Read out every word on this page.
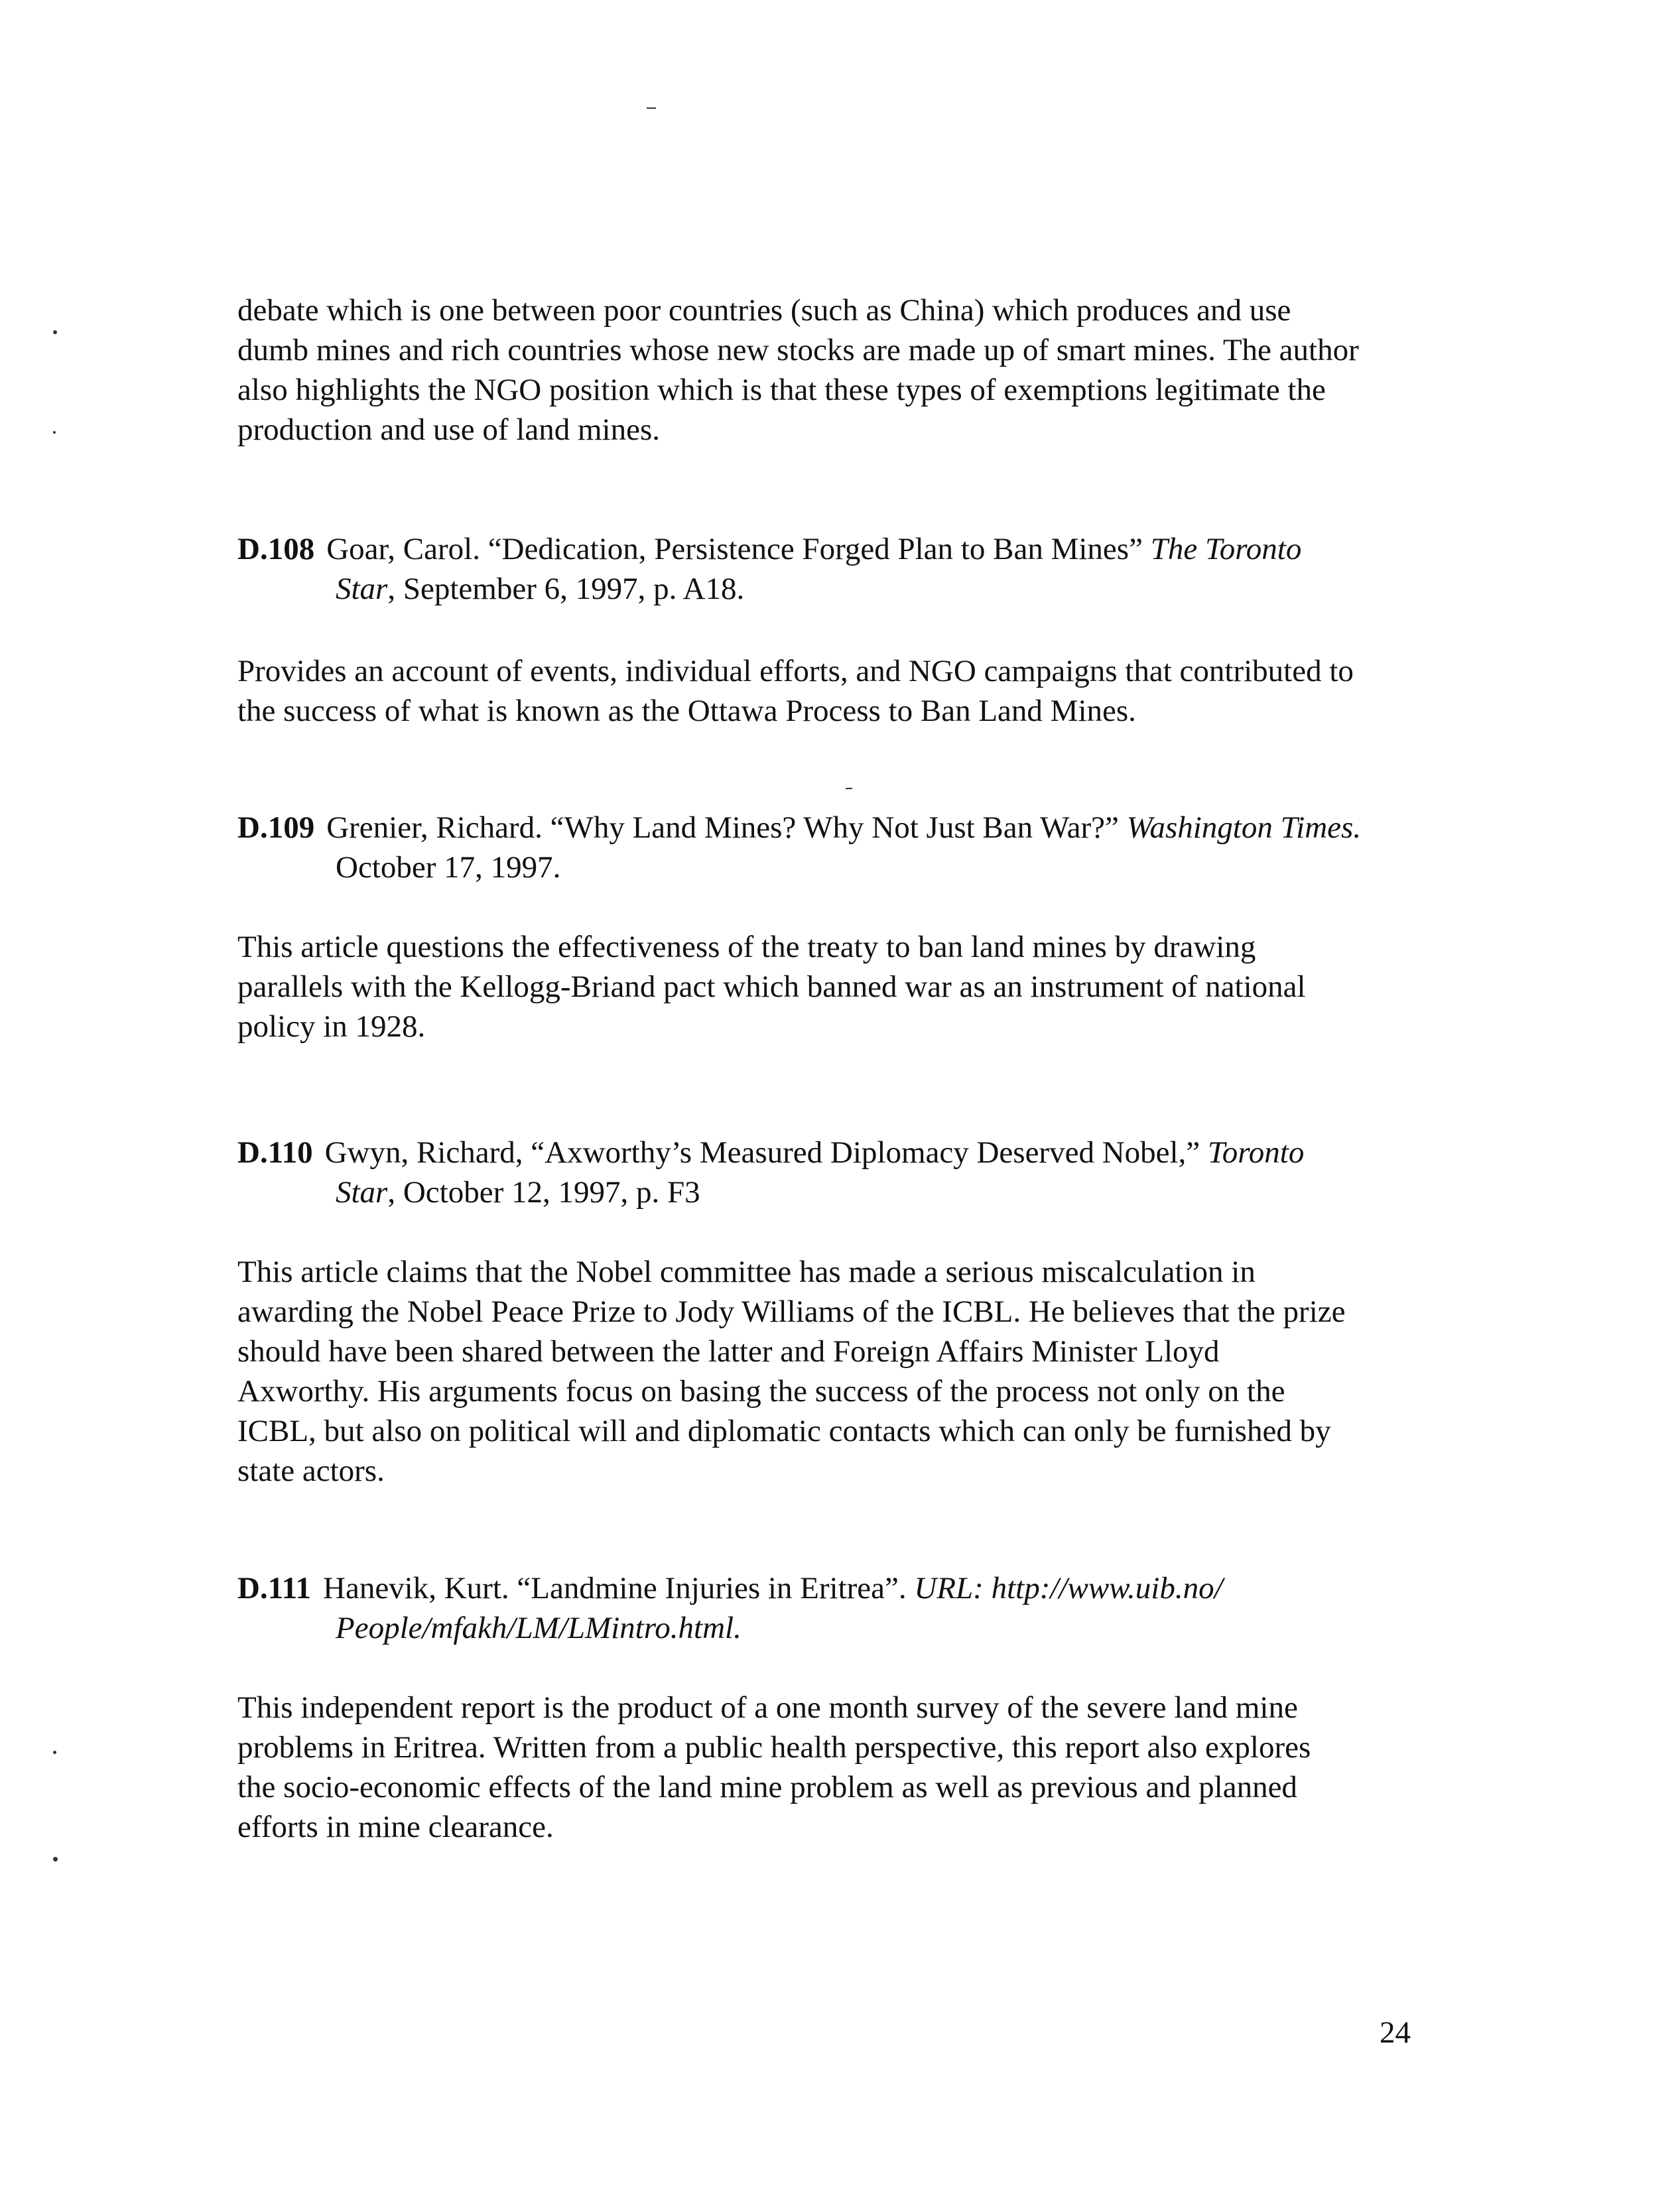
debate which is one between poor countries (such as China) which produces and use
dumb mines and rich countries whose new stocks are made up of smart mines. The author
also highlights the NGO position which is that these types of exemptions legitimate the
production and use of land mines.
D.108 Goar, Carol. “Dedication, Persistence Forged Plan to Ban Mines” The Toronto
Star, September 6, 1997, p. A18.
Provides an account of events, individual efforts, and NGO campaigns that contributed to
the success of what is known as the Ottawa Process to Ban Land Mines.
D.109 Grenier, Richard. “Why Land Mines? Why Not Just Ban War?” Washington Times.
October 17, 1997.
This article questions the effectiveness of the treaty to ban land mines by drawing
parallels with the Kellogg-Briand pact which banned war as an instrument of national
policy in 1928.
D.110 Gwyn, Richard, “Axworthy’s Measured Diplomacy Deserved Nobel,” Toronto
Star, October 12, 1997, p. F3
This article claims that the Nobel committee has made a serious miscalculation in
awarding the Nobel Peace Prize to Jody Williams of the ICBL. He believes that the prize
should have been shared between the latter and Foreign Affairs Minister Lloyd
Axworthy. His arguments focus on basing the success of the process not only on the
ICBL, but also on political will and diplomatic contacts which can only be furnished by
state actors.
D.111 Hanevik, Kurt. “Landmine Injuries in Eritrea”. URL: http://www.uib.no/
People/mfakh/LM/LMintro.html.
This independent report is the product of a one month survey of the severe land mine
problems in Eritrea. Written from a public health perspective, this report also explores
the socio-economic effects of the land mine problem as well as previous and planned
efforts in mine clearance.
24
